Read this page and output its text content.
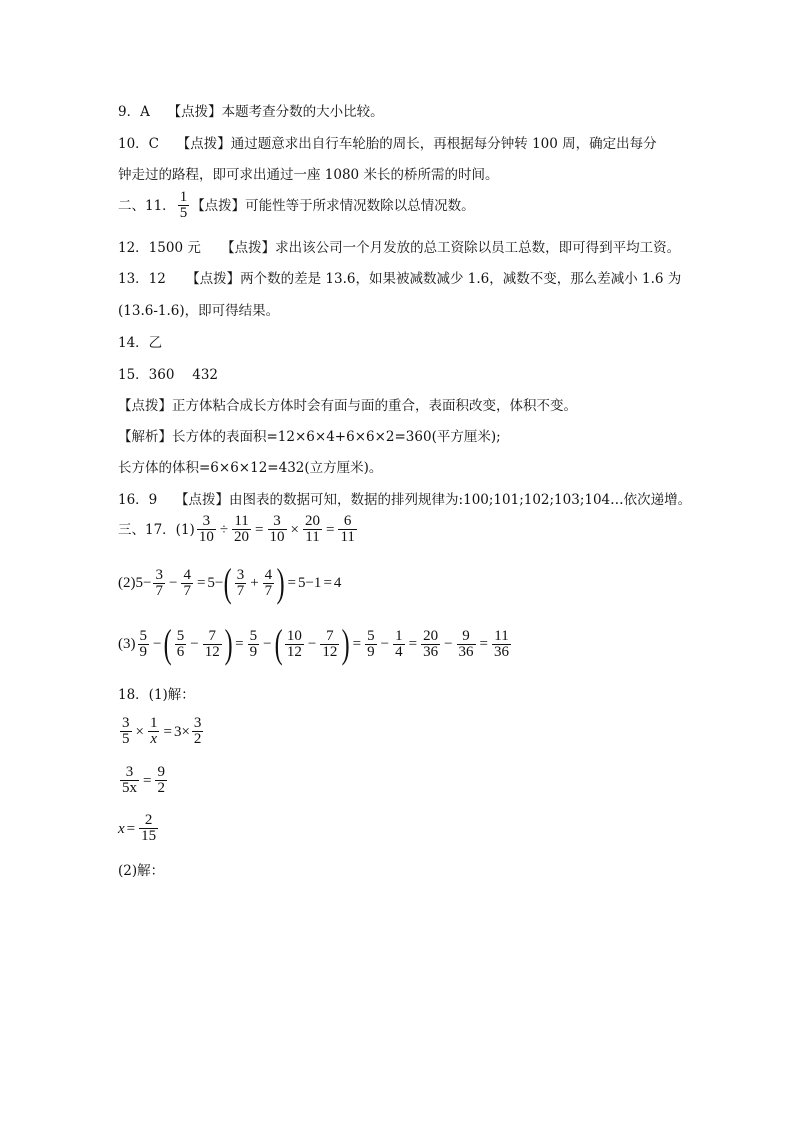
9．A　 【点拨】本题考查分数的大小比较。
10．C　 【点拨】通过题意求出自行车轮胎的周长，再根据每分钟转 100 周，确定出每分
钟走过的路程，即可求出通过一座 1080 米长的桥所需的时间。
二、11． $\frac{1}{5}$ 【点拨】可能性等于所求情况数除以总情况数。
12．1500 元　　【点拨】求出该公司一个月发放的总工资除以员工总数，即可得到平均工资。
13．12　　【点拨】两个数的差是 13.6，如果被减数减少 1.6，减数不变，那么差减小 1.6 为
(13.6-1.6)，即可得结果。
14．乙
15．360　 432
【点拨】正方体粘合成长方体时会有面与面的重合，表面积改变，体积不变。
【解析】长方体的表面积=12×6×4+6×6×2=360(平方厘米);
长方体的体积=6×6×12=432(立方厘米)。
16．9　 【点拨】由图表的数据可知，数据的排列规律为:100;101;102;103;104…依次递增。
三、17．$(1) \frac{3}{10} \div \frac{11}{20} = \frac{3}{10} \times \frac{20}{11} = \frac{6}{11}$
(2) $5- \frac{3}{7} - \frac{4}{7} = 5-$ ( $\frac{3}{7} + \frac{4}{7}$ ) = 5−1 = 4
$(3) \frac{5}{9}$ − ( $\frac{5}{6} - \frac{7}{12}$ ) = $\frac{5}{9}$ − ( $\frac{10}{12} - \frac{7}{12}$ ) = $\frac{5}{9} - \frac{1}{4} = \frac{20}{36} - \frac{9}{36} = \frac{11}{36}$
18．(1)解：
$\frac{3}{5} \times \frac{1}{x} = 3\times \frac{3}{2}$
$\frac{3}{5x} = \frac{9}{2}$
$x = \frac{2}{15}$
(2)解：
